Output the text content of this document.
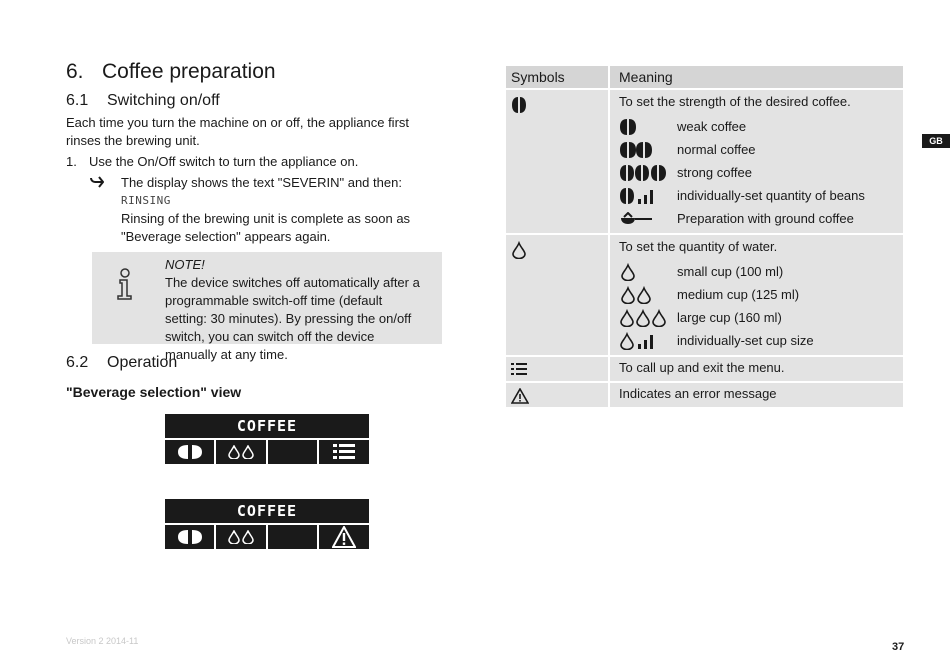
6. Coffee preparation
6.1 Switching on/off
Each time you turn the machine on or off, the appliance first rinses the brewing unit.
1. Use the On/Off switch to turn the appliance on.
The display shows the text "SEVERIN" and then:
RINSING
Rinsing of the brewing unit is complete as soon as "Beverage selection" appears again.
NOTE!
The device switches off automatically after a programmable switch-off time (default setting: 30 minutes). By pressing the on/off switch, you can switch off the device manually at any time.
6.2 Operation
"Beverage selection" view
COFFEE
COFFEE
Symbols	Meaning
To set the strength of the desired coffee.
weak coffee
normal coffee
strong coffee
individually-set quantity of beans
Preparation with ground coffee
To set the quantity of water.
small cup (100 ml)
medium cup (125 ml)
large cup (160 ml)
individually-set cup size
To call up and exit the menu.
Indicates an error message
GB
Version 2 2014-11	37
